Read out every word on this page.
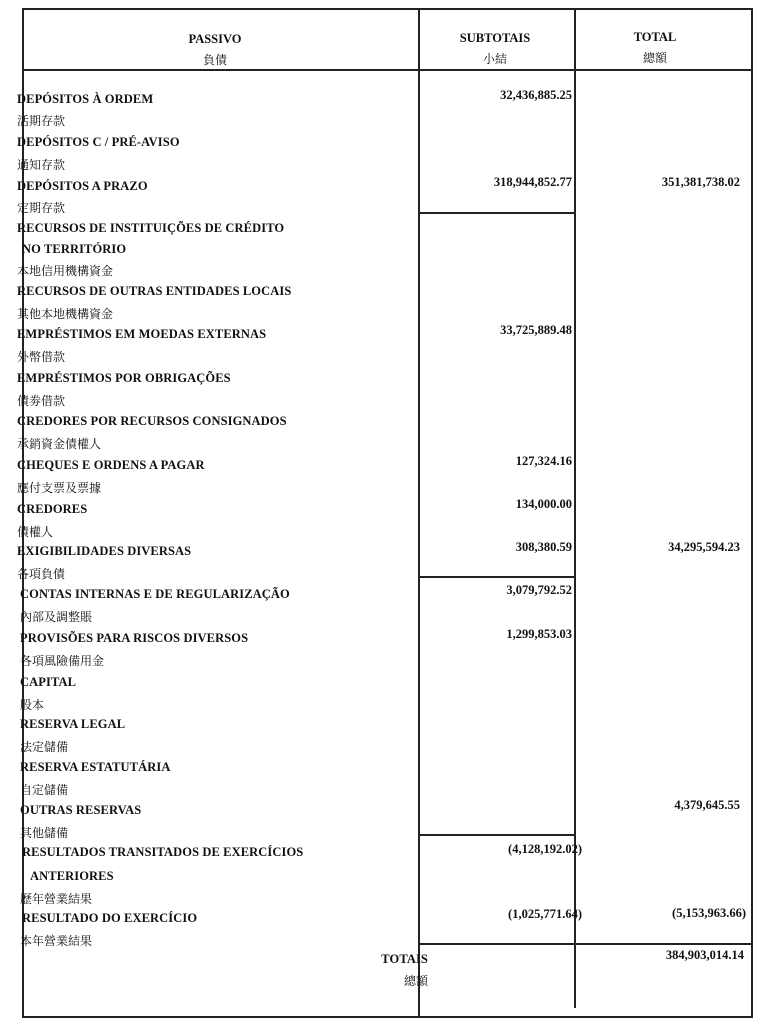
PASSIVO
負債
SUBTOTAIS
小結
TOTAL
總額
DEPÓSITOS À ORDEM
活期存款
DEPÓSITOS C / PRÉ-AVISO
通知存款
DEPÓSITOS A PRAZO
定期存款
RECURSOS DE INSTITUIÇÕES DE CRÉDITO
NO TERRITÓRIO
本地信用機構資金
RECURSOS DE OUTRAS ENTIDADES LOCAIS
其他本地機構資金
EMPRÉSTIMOS EM MOEDAS EXTERNAS
外幣借款
EMPRÉSTIMOS POR OBRIGAÇÕES
債劵借款
CREDORES POR RECURSOS CONSIGNADOS
承銷資金債權人
CHEQUES E ORDENS A PAGAR
應付支票及票據
CREDORES
債權人
EXIGIBILIDADES DIVERSAS
各項負債
CONTAS INTERNAS E DE REGULARIZAÇÃO
內部及調整賬
PROVISÕES PARA RISCOS DIVERSOS
各項風險備用金
CAPITAL
股本
RESERVA LEGAL
法定儲備
RESERVA ESTATUTÁRIA
自定儲備
OUTRAS RESERVAS
其他儲備
RESULTADOS TRANSITADOS DE EXERCÍCIOS
ANTERIORES
歷年營業結果
RESULTADO DO EXERCÍCIO
本年營業結果
32,436,885.25
318,944,852.77
33,725,889.48
127,324.16
134,000.00
308,380.59
3,079,792.52
1,299,853.03
(4,128,192.02)
(1,025,771.64)
351,381,738.02
34,295,594.23
4,379,645.55
(5,153,963.66)
TOTAIS
總額
384,903,014.14
